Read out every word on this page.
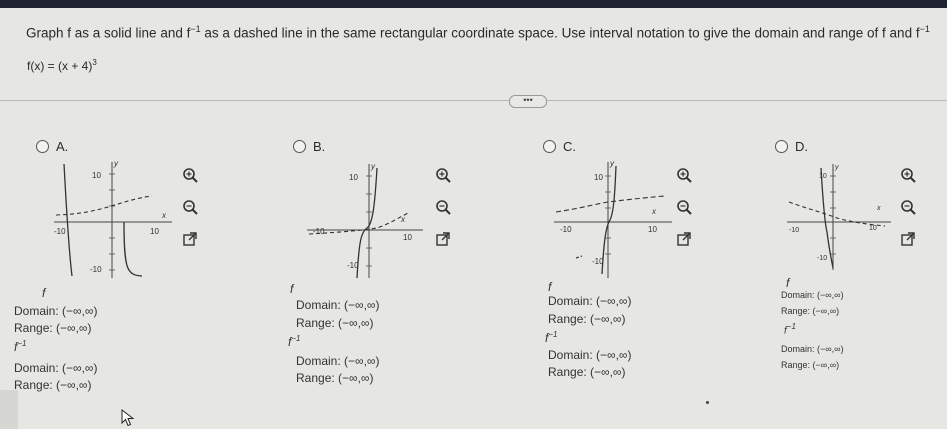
Graph f as a solid line and $f^{-1}$ as a dashed line in the same rectangular coordinate space. Use interval notation to give the domain and range of f and $f^{-1}$
$f(x) = (x + 4)^3$
•••
A.
y
x
10
-10
-10	10
f
Domain: (−∞,∞)
Range: (−∞,∞)
$f^{-1}$
Domain: (−∞,∞)
Range: (−∞,∞)
B.
y
x
10
-10
-10
10
f
Domain: (−∞,∞)
Range: (−∞,∞)
$f^{-1}$
Domain: (−∞,∞)
Range: (−∞,∞)
C.
y
x
10
-10
-10	10
f
Domain: (−∞,∞)
Range: (−∞,∞)
$f^{-1}$
Domain: (−∞,∞)
Range: (−∞,∞)
D.
y
x
10
-10
-10	10
f
Domain: (−∞,∞)
Range: (−∞,∞)
$f^{-1}$
Domain: (−∞,∞)
Range: (−∞,∞)
